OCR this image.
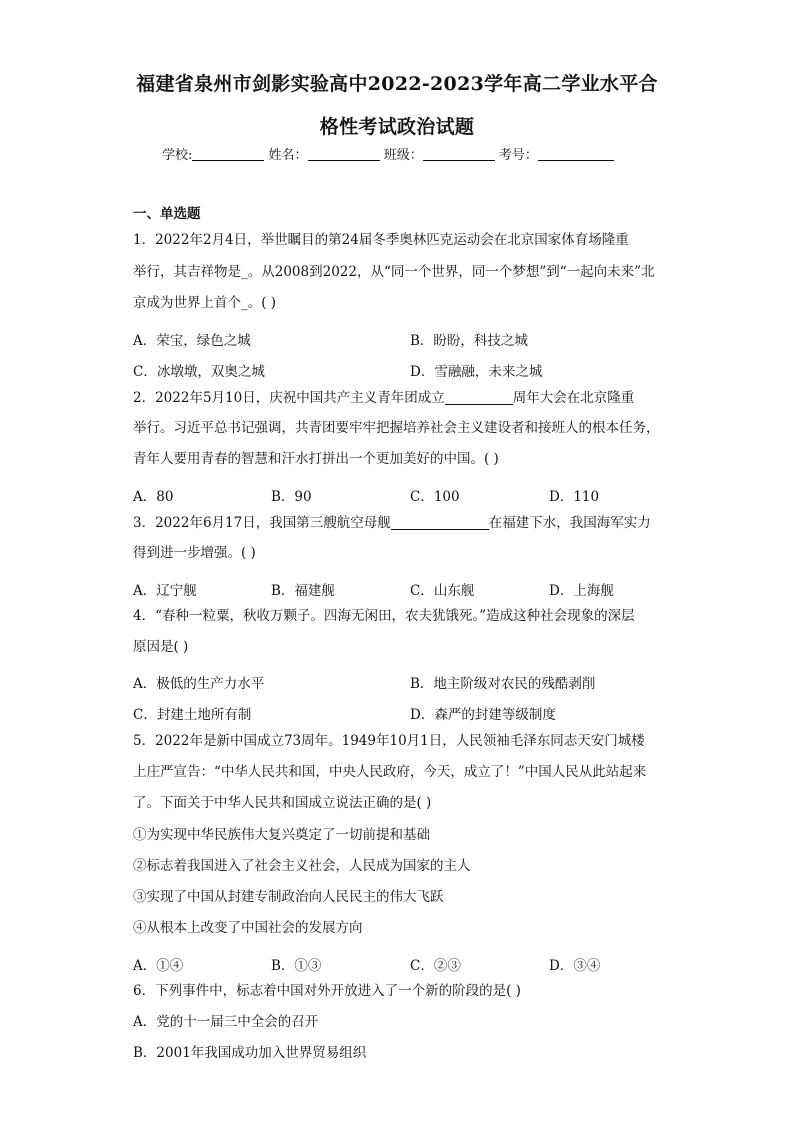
福建省泉州市剑影实验高中2022-2023学年高二学业水平合
格性考试政治试题
学校:	姓名：	班级：	考号：
一、单选题
1．2022年2月4日，举世瞩目的第24届冬季奥林匹克运动会在北京国家体育场隆重
举行，其吉祥物是_。从2008到2022，从“同一个世界，同一个梦想”到“一起向未来”北
京成为世界上首个_。( )
A．荣宝，绿色之城	B．盼盼，科技之城
C．冰墩墩，双奥之城	D．雪融融，未来之城
2．2022年5月10日，庆祝中国共产主义青年团成立	周年大会在北京隆重
举行。习近平总书记强调，共青团要牢牢把握培养社会主义建设者和接班人的根本任务，
青年人要用青春的智慧和汗水打拼出一个更加美好的中国。( )
A．80	B．90	C．100	D．110
3．2022年6月17日，我国第三艘航空母舰	在福建下水，我国海军实力
得到进一步增强。( )
A．辽宁舰	B．福建舰	C．山东舰	D．上海舰
4．“春种一粒粟，秋收万颗子。四海无闲田，农夫犹饿死。”造成这种社会现象的深层
原因是( )
A．极低的生产力水平	B．地主阶级对农民的残酷剥削
C．封建土地所有制	D．森严的封建等级制度
5．2022年是新中国成立73周年。1949年10月1日，人民领袖毛泽东同志天安门城楼
上庄严宣告：“中华人民共和国，中央人民政府，今天，成立了！”中国人民从此站起来
了。下面关于中华人民共和国成立说法正确的是( )
①为实现中华民族伟大复兴奠定了一切前提和基础
②标志着我国进入了社会主义社会，人民成为国家的主人
③实现了中国从封建专制政治向人民民主的伟大飞跃
④从根本上改变了中国社会的发展方向
A．①④	B．①③	C．②③	D．③④
6．下列事件中，标志着中国对外开放进入了一个新的阶段的是( )
A．党的十一届三中全会的召开
B．2001年我国成功加入世界贸易组织
